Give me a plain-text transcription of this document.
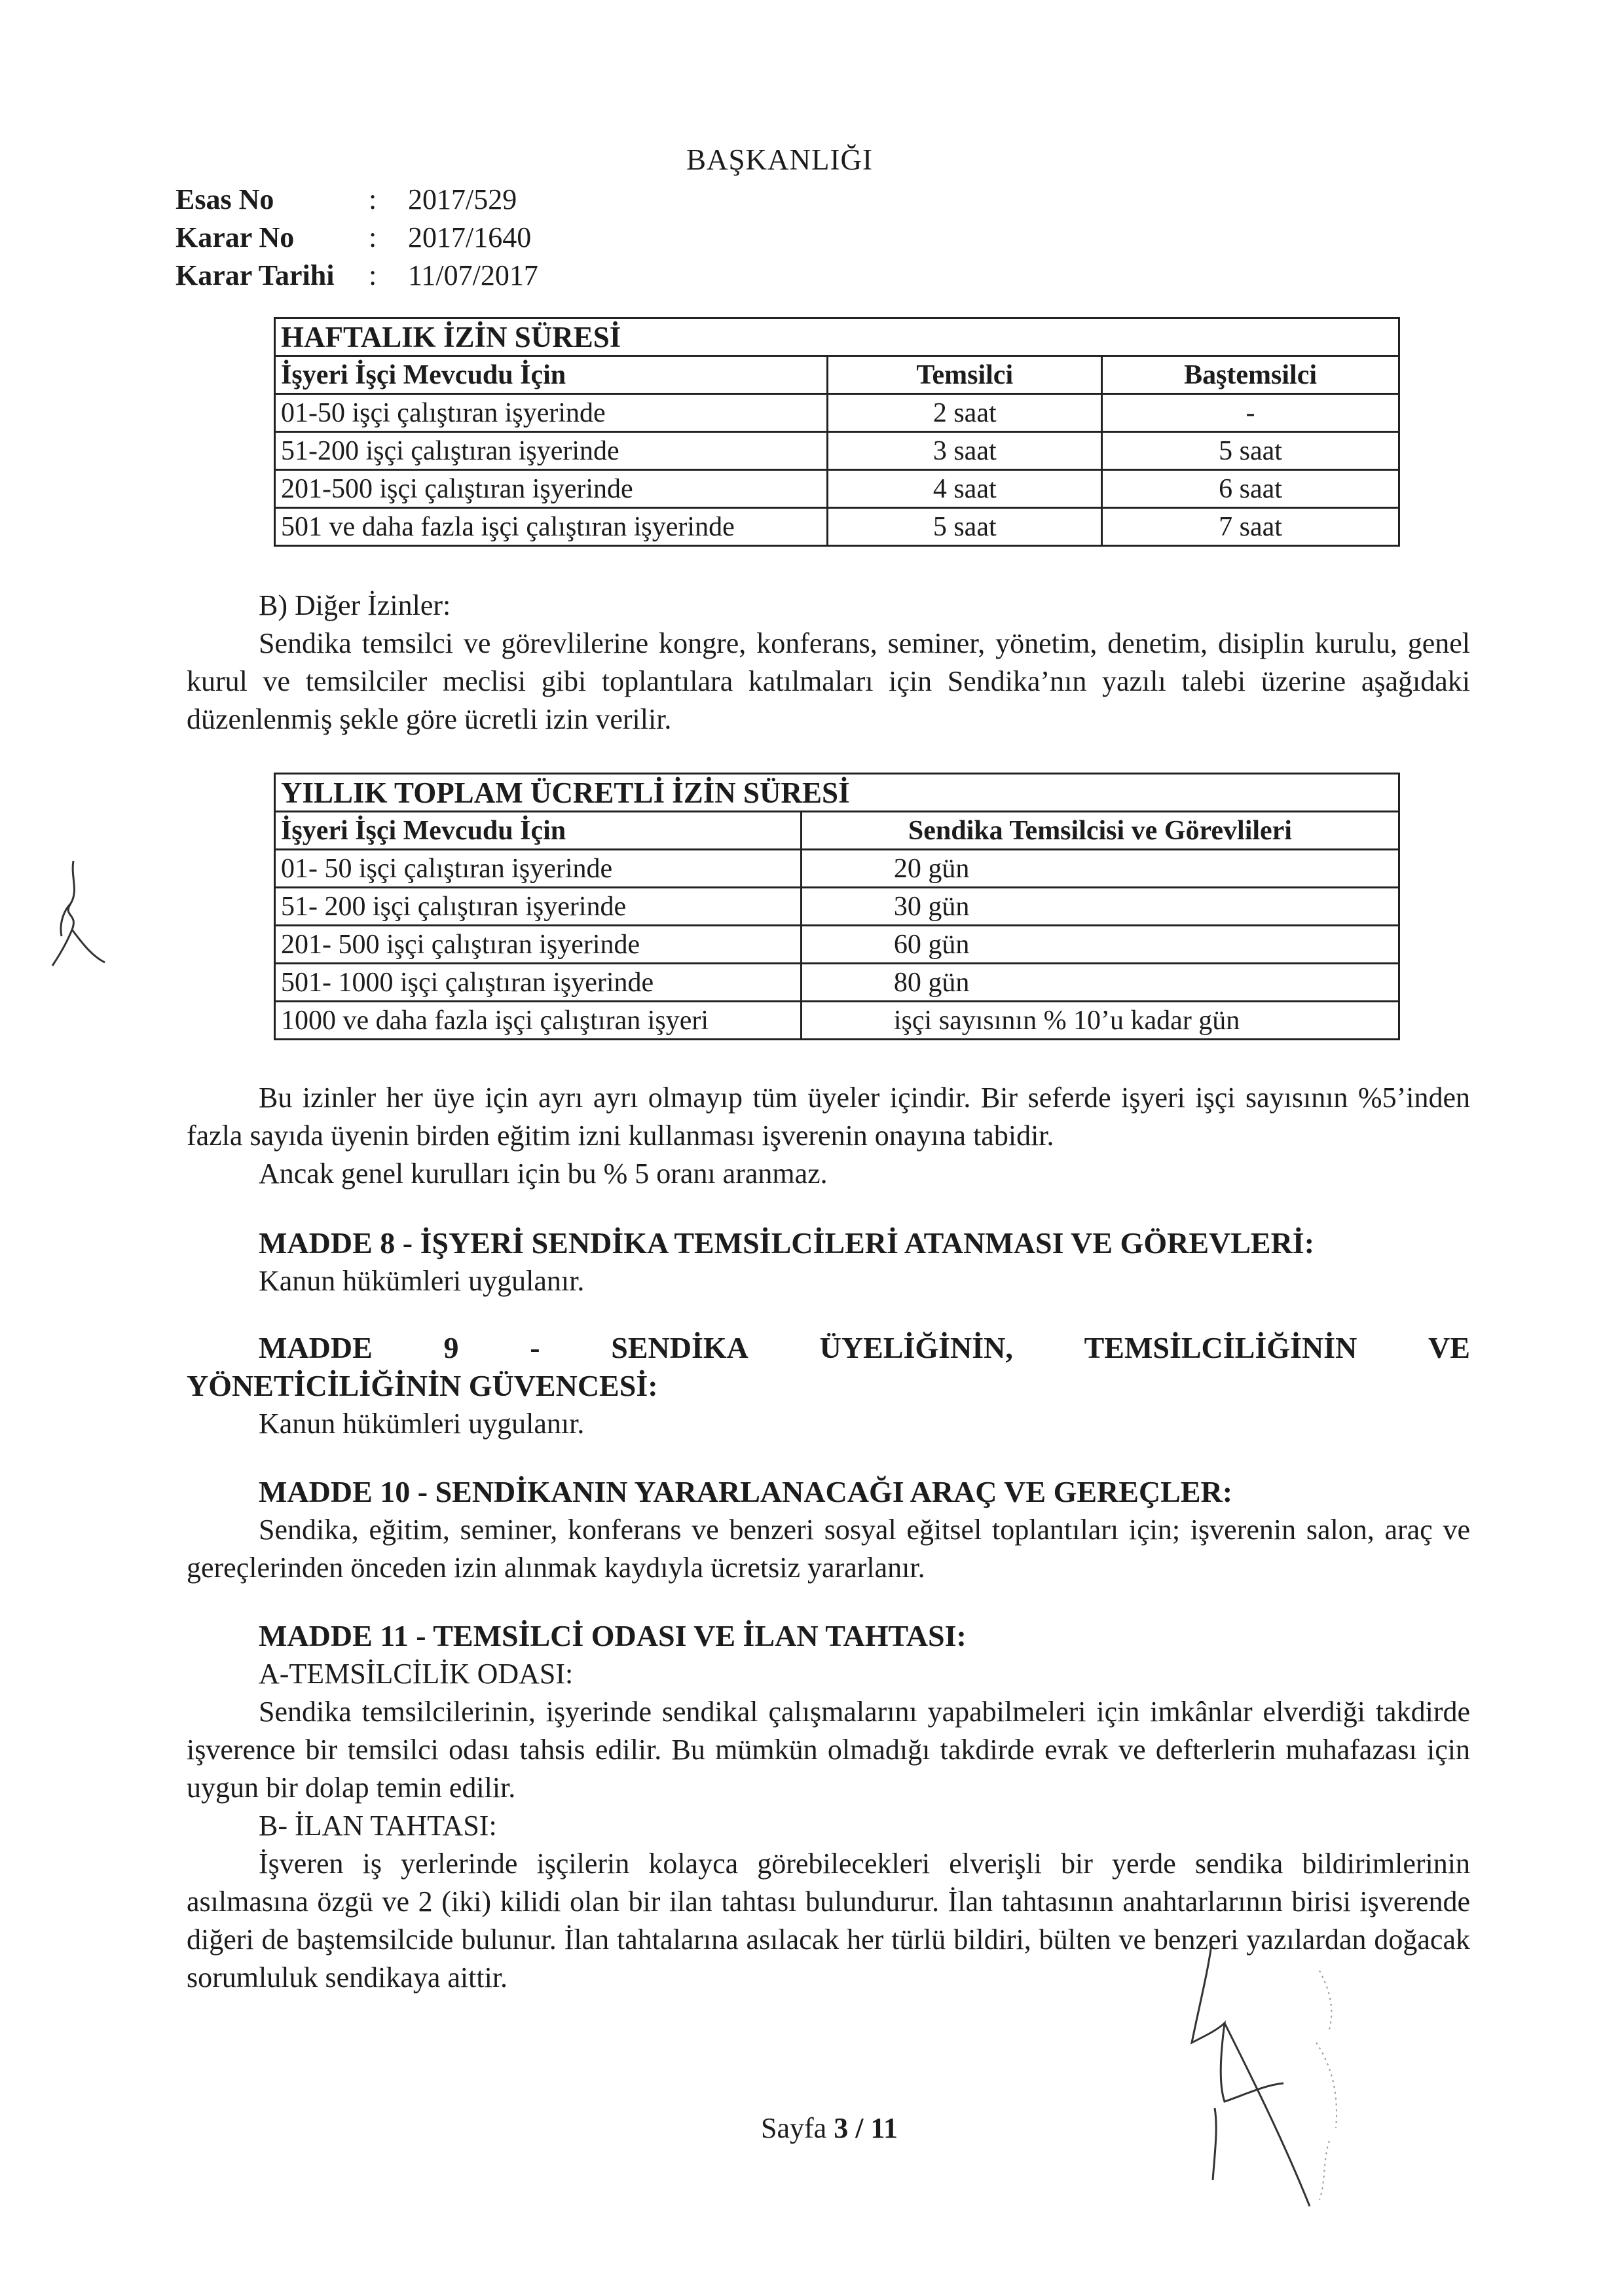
BAŞKANLIĞI
Esas No	:	2017/529
Karar No	:	2017/1640
Karar Tarihi	:	11/07/2017
HAFTALIK İZİN SÜRESİ		
İşyeri İşçi Mevcudu İçin	Temsilci	Baştemsilci
01-50 işçi çalıştıran işyerinde	2 saat	-
51-200 işçi çalıştıran işyerinde	3 saat	5 saat
201-500 işçi çalıştıran işyerinde	4 saat	6 saat
501 ve daha fazla işçi çalıştıran işyerinde	5 saat	7 saat
B) Diğer İzinler:
Sendika temsilci ve görevlilerine kongre, konferans, seminer, yönetim, denetim, disiplin kurulu, genel kurul ve temsilciler meclisi gibi toplantılara katılmaları için Sendika’nın yazılı talebi üzerine aşağıdaki düzenlenmiş şekle göre ücretli izin verilir.
YILLIK TOPLAM ÜCRETLİ İZİN SÜRESİ	
İşyeri İşçi Mevcudu İçin	Sendika Temsilcisi ve Görevlileri
01- 50 işçi çalıştıran işyerinde	20 gün
51- 200 işçi çalıştıran işyerinde	30 gün
201- 500 işçi çalıştıran işyerinde	60 gün
501- 1000 işçi çalıştıran işyerinde	80 gün
1000 ve daha fazla işçi çalıştıran işyeri	işçi sayısının % 10’u kadar gün
Bu izinler her üye için ayrı ayrı olmayıp tüm üyeler içindir. Bir seferde işyeri işçi sayısının %5’inden fazla sayıda üyenin birden eğitim izni kullanması işverenin onayına tabidir.
Ancak genel kurulları için bu % 5 oranı aranmaz.
MADDE 8 - İŞYERİ SENDİKA TEMSİLCİLERİ ATANMASI VE GÖREVLERİ:
Kanun hükümleri uygulanır.
MADDE 9 - SENDİKA ÜYELİĞİNİN, TEMSİLCİLİĞİNİN VE
YÖNETİCİLİĞİNİN GÜVENCESİ:
Kanun hükümleri uygulanır.
MADDE 10 - SENDİKANIN YARARLANACAĞI ARAÇ VE GEREÇLER:
Sendika, eğitim, seminer, konferans ve benzeri sosyal eğitsel toplantıları için; işverenin salon, araç ve gereçlerinden önceden izin alınmak kaydıyla ücretsiz yararlanır.
MADDE 11 - TEMSİLCİ ODASI VE İLAN TAHTASI:
A-TEMSİLCİLİK ODASI:
Sendika temsilcilerinin, işyerinde sendikal çalışmalarını yapabilmeleri için imkânlar elverdiği takdirde işverence bir temsilci odası tahsis edilir. Bu mümkün olmadığı takdirde evrak ve defterlerin muhafazası için uygun bir dolap temin edilir.
B- İLAN TAHTASI:
İşveren iş yerlerinde işçilerin kolayca görebilecekleri elverişli bir yerde sendika bildirimlerinin asılmasına özgü ve 2 (iki) kilidi olan bir ilan tahtası bulundurur. İlan tahtasının anahtarlarının birisi işverende diğeri de baştemsilcide bulunur. İlan tahtalarına asılacak her türlü bildiri, bülten ve benzeri yazılardan doğacak sorumluluk sendikaya aittir.
Sayfa 3 / 11
